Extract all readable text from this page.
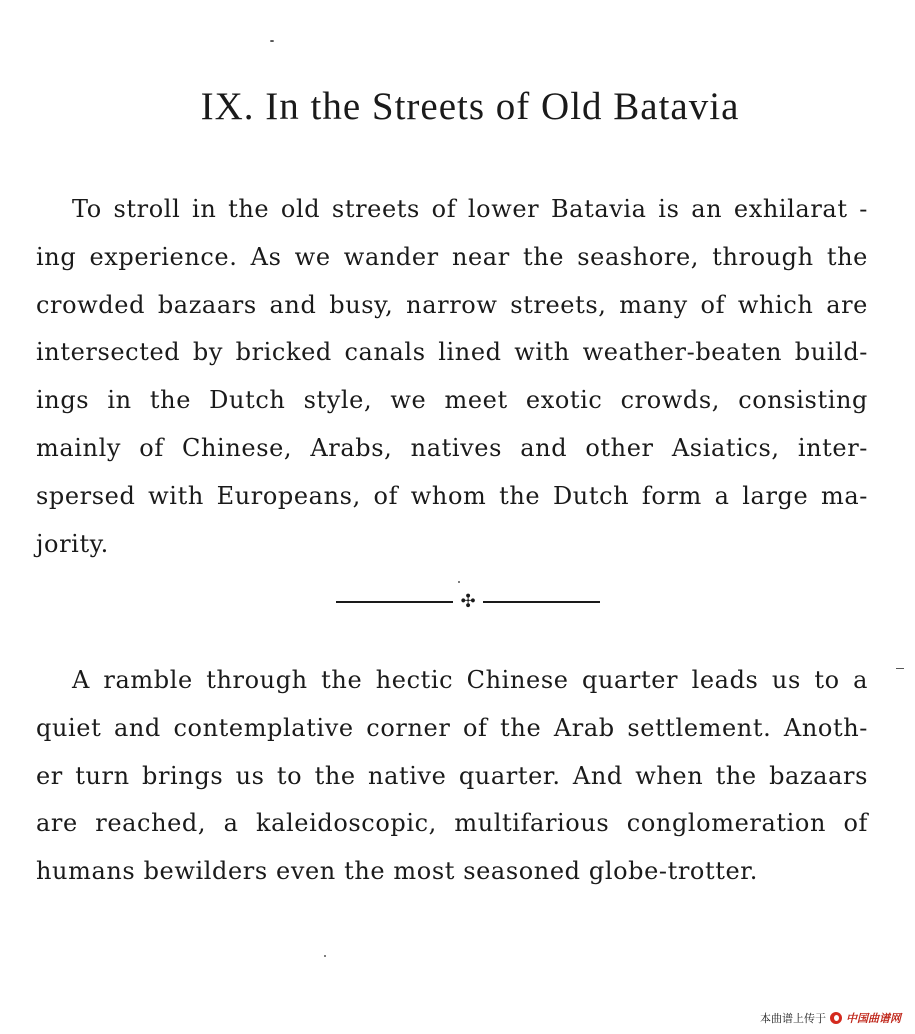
IX. In the Streets of Old Batavia
To stroll in the old streets of lower Batavia is an exhilarat -
ing experience. As we wander near the seashore, through the
crowded bazaars and busy, narrow streets, many of which are
intersected by bricked canals lined with weather-beaten build-
ings in the Dutch style, we meet exotic crowds, consisting
mainly of Chinese, Arabs, natives and other Asiatics, inter-
spersed with Europeans, of whom the Dutch form a large ma-
jority.
✣
A ramble through the hectic Chinese quarter leads us to a
quiet and contemplative corner of the Arab settlement. Anoth-
er turn brings us to the native quarter. And when the bazaars
are reached, a kaleidoscopic, multifarious conglomeration of
humans bewilders even the most seasoned globe-trotter.
本曲谱上传于 中国曲谱网
